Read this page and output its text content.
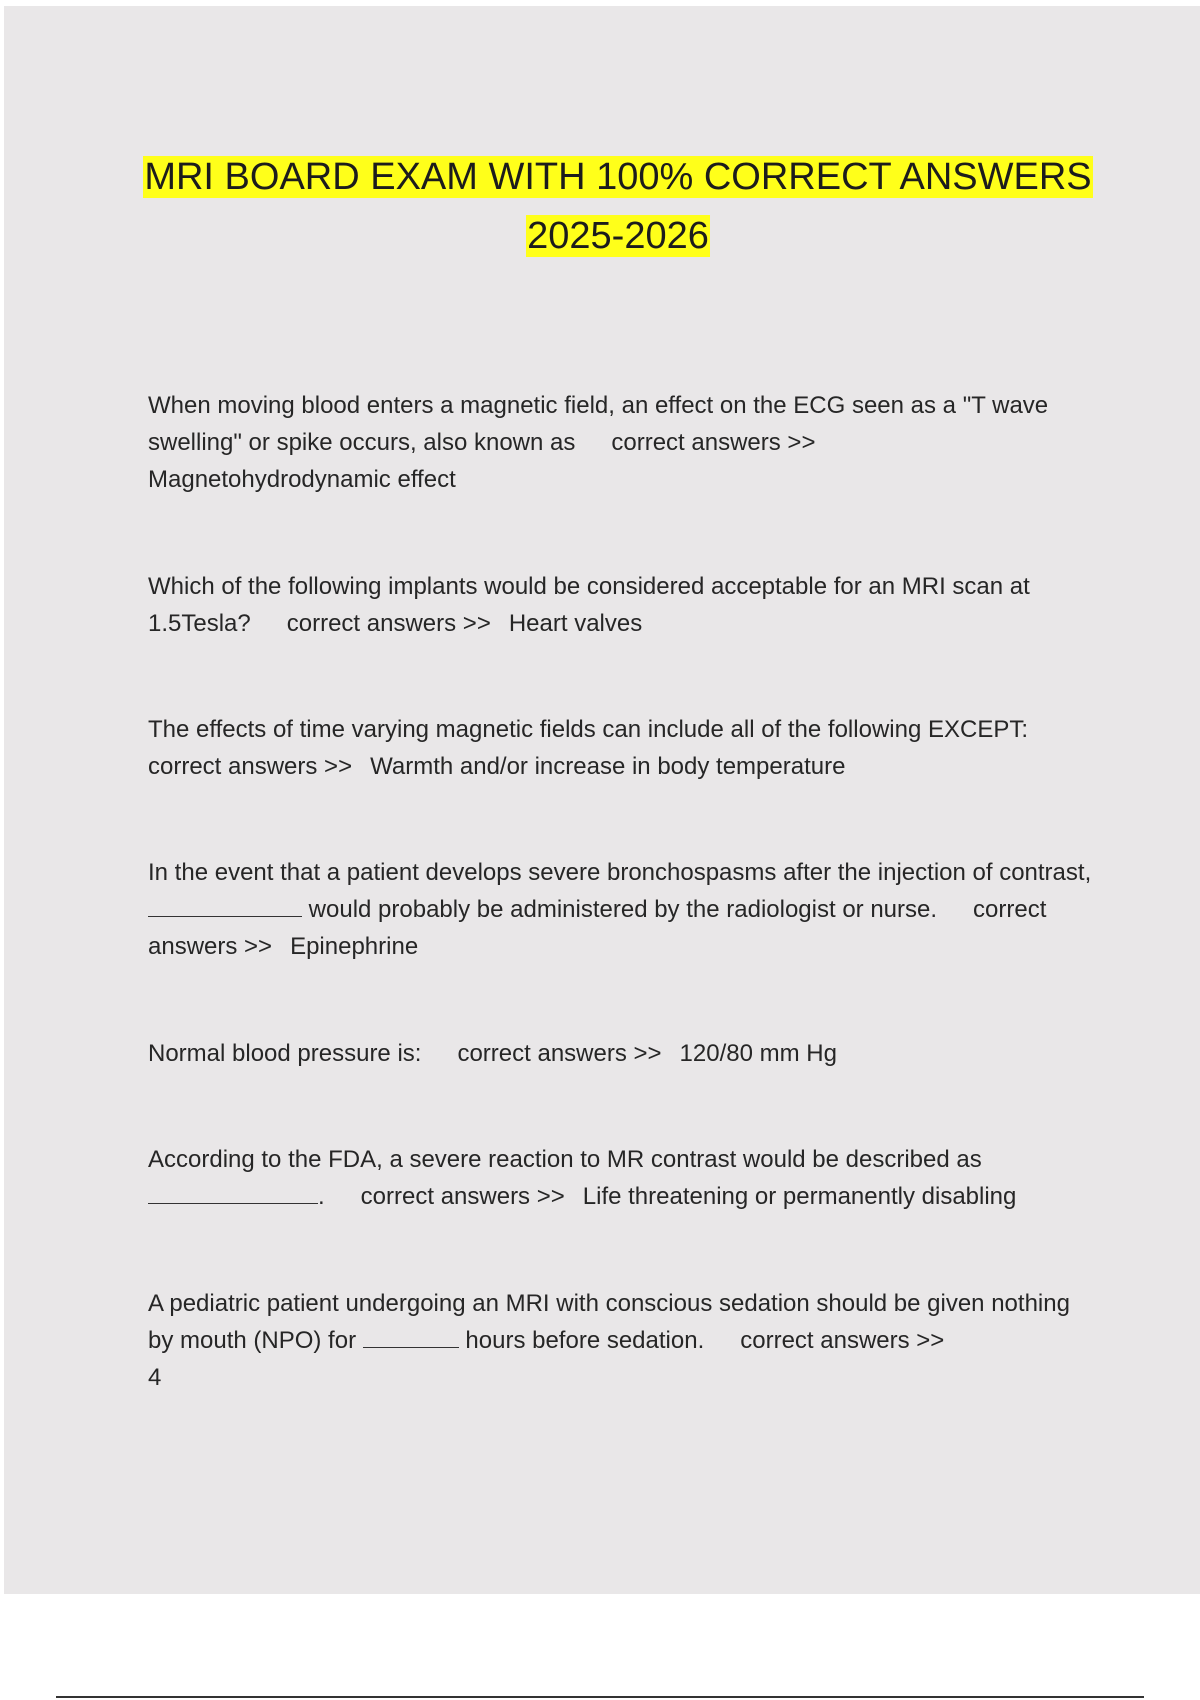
MRI BOARD EXAM WITH 100% CORRECT ANSWERS
2025-2026
When moving blood enters a magnetic field, an effect on the ECG seen as a "T wave swelling" or spike occurs, also known as correct answers >>
Magnetohydrodynamic effect
Which of the following implants would be considered acceptable for an MRI scan at 1.5Tesla? correct answers >> Heart valves
The effects of time varying magnetic fields can include all of the following EXCEPT:
correct answers >> Warmth and/or increase in body temperature
In the event that a patient develops severe bronchospasms after the injection of contrast,  would probably be administered by the radiologist or nurse. correct answers >> Epinephrine
Normal blood pressure is: correct answers >> 120/80 mm Hg
According to the FDA, a severe reaction to MR contrast would be described as
. correct answers >> Life threatening or permanently disabling
A pediatric patient undergoing an MRI with conscious sedation should be given nothing by mouth (NPO) for	hours before sedation. correct answers >>
4
